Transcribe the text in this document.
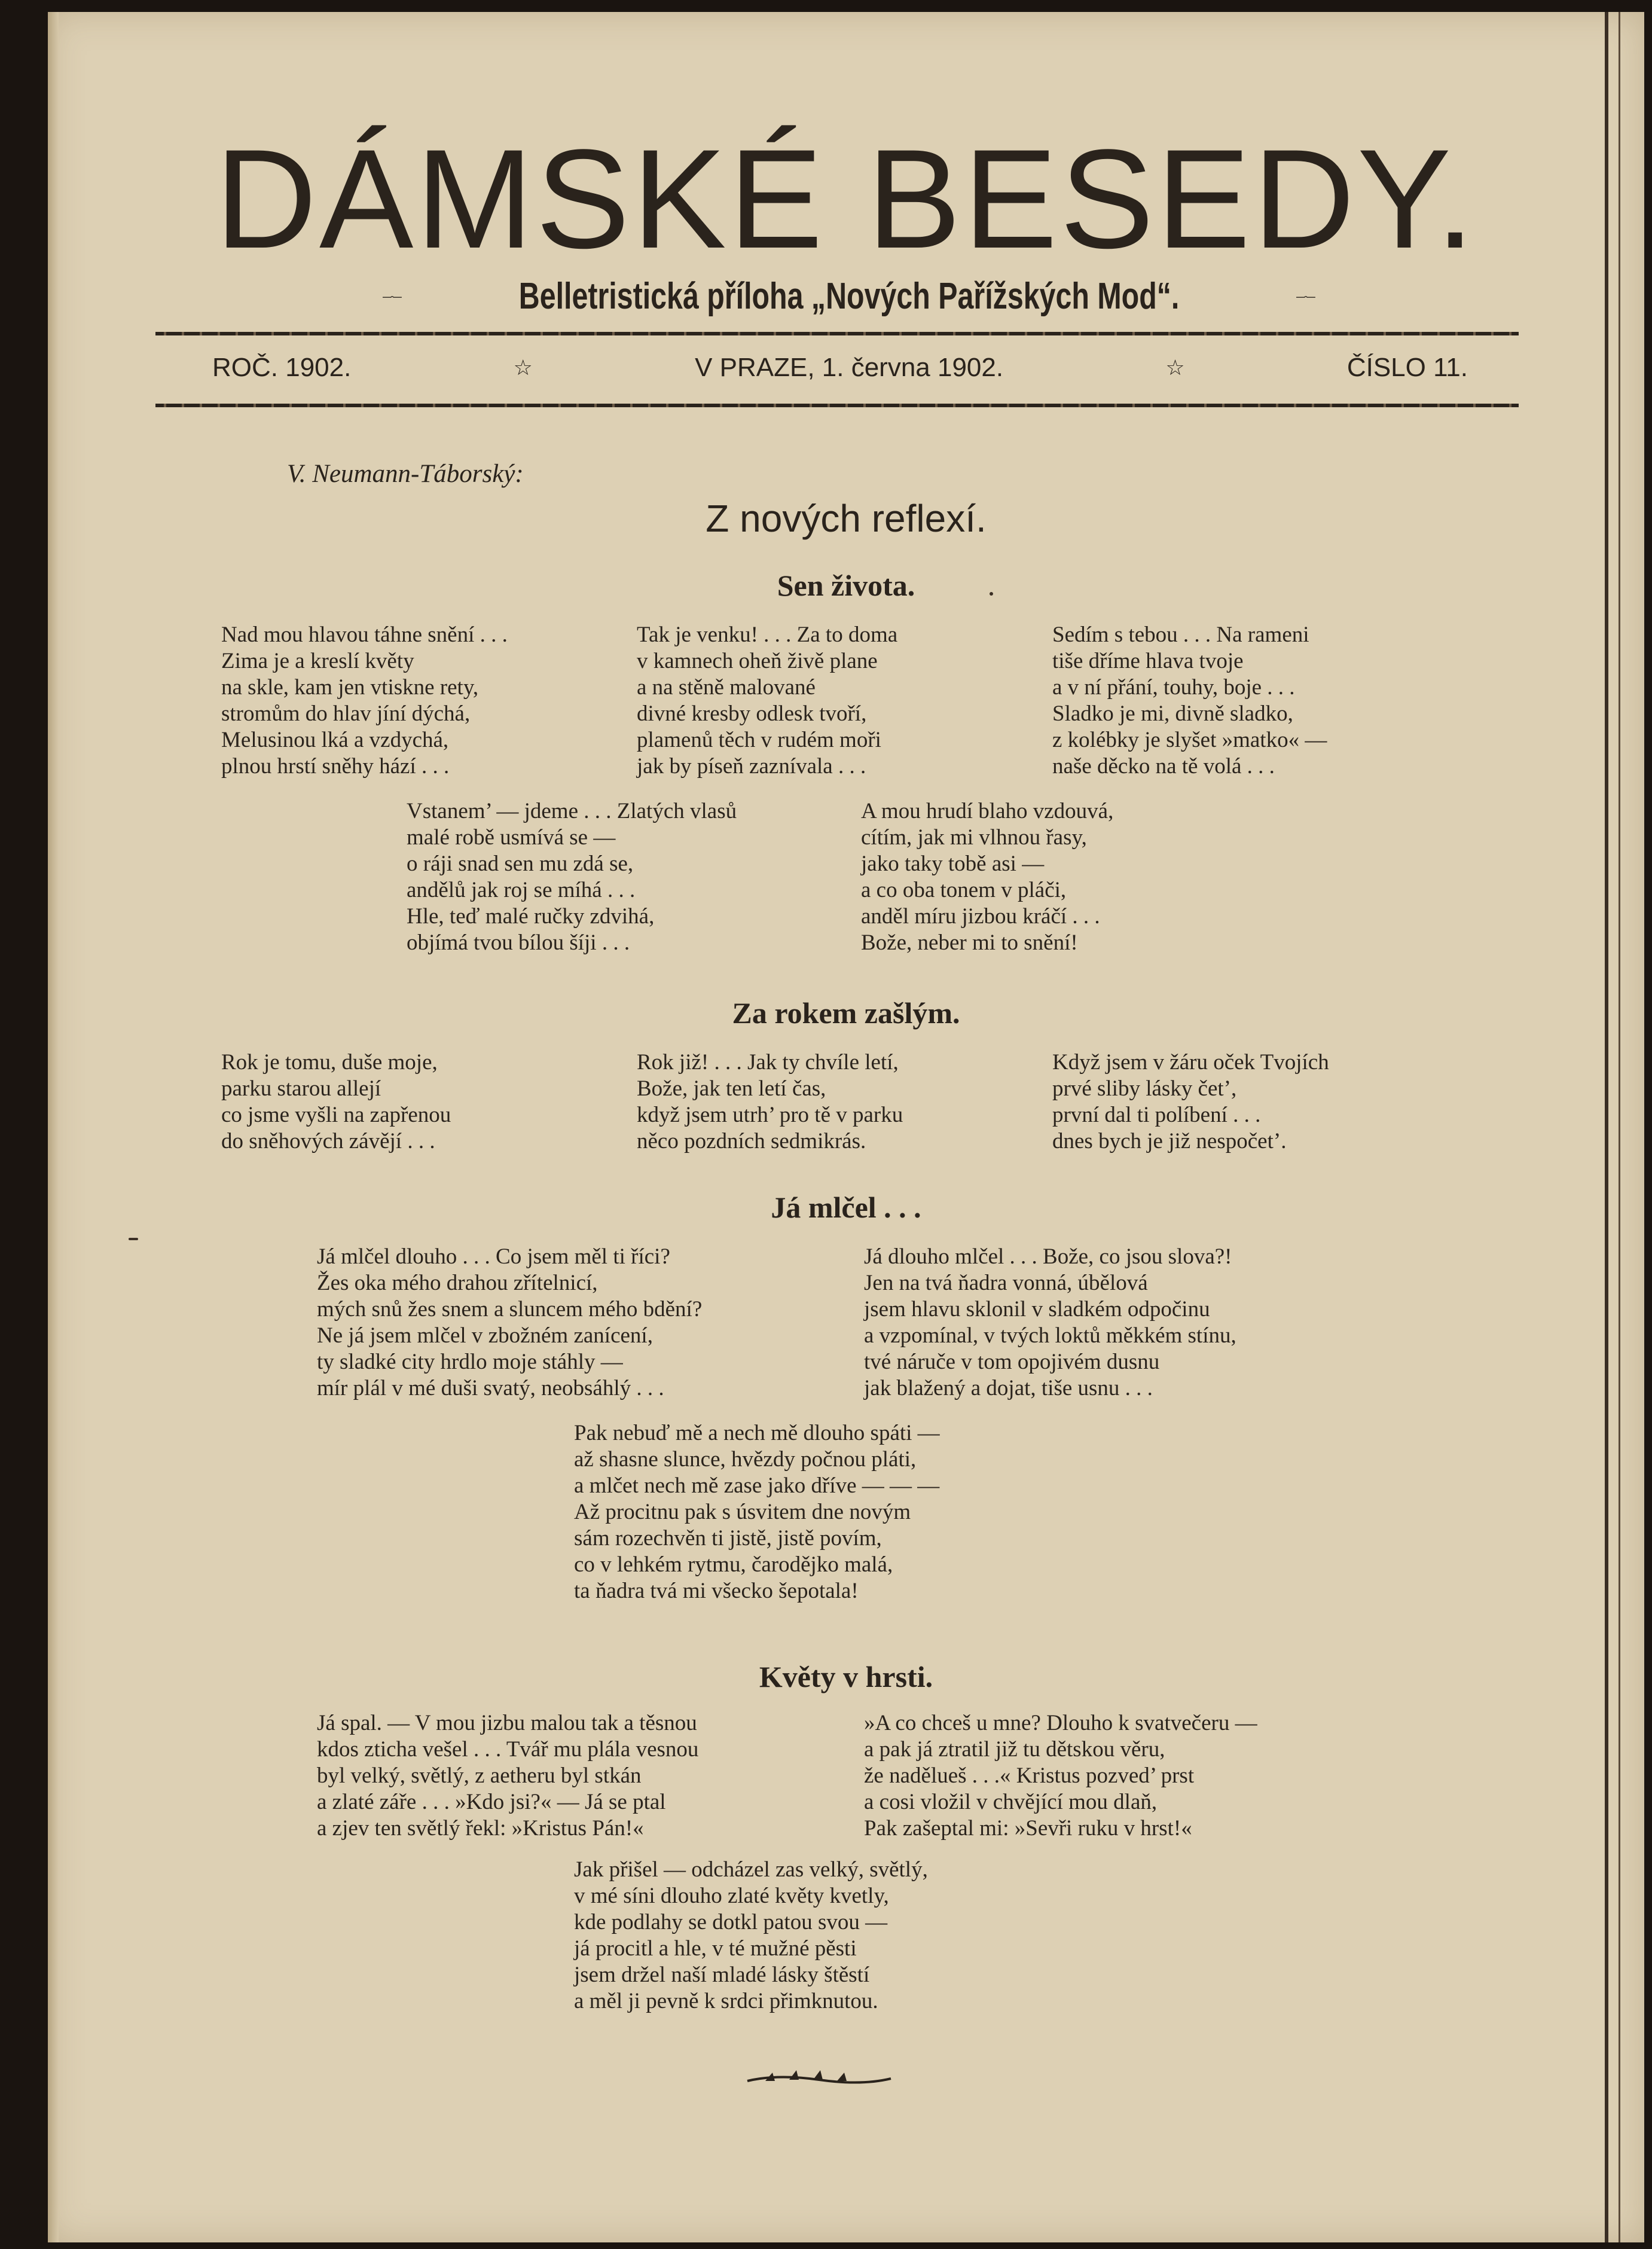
DÁMSKÉ BESEDY.
Belletristická příloha „Nových Pařížských Mod“.
ROČ. 1902.	☆	V PRAZE, 1. června 1902.	☆	ČÍSLO 11.
V. Neumann-Táborský:
Z nových reflexí.
Sen života.
Nad mou hlavou táhne snění . . .
Zima je a kreslí květy
na skle, kam jen vtiskne rety,
stromům do hlav jíní dýchá,
Melusinou lká a vzdychá,
plnou hrstí sněhy hází . . .
Tak je venku! . . . Za to doma
v kamnech oheň živě plane
a na stěně malované
divné kresby odlesk tvoří,
plamenů těch v rudém moři
jak by píseň zaznívala . . .
Sedím s tebou . . . Na rameni
tiše dříme hlava tvoje
a v ní přání, touhy, boje . . .
Sladko je mi, divně sladko,
z kolébky je slyšet »matko« —
naše děcko na tě volá . . .
Vstanem’ — jdeme . . . Zlatých vlasů
malé robě usmívá se —
o ráji snad sen mu zdá se,
andělů jak roj se míhá . . .
Hle, teď malé ručky zdvihá,
objímá tvou bílou šíji . . .
A mou hrudí blaho vzdouvá,
cítím, jak mi vlhnou řasy,
jako taky tobě asi —
a co oba tonem v pláči,
anděl míru jizbou kráčí . . .
Bože, neber mi to snění!
Za rokem zašlým.
Rok je tomu, duše moje,
parku starou allejí
co jsme vyšli na zapřenou
do sněhových závějí . . .
Rok již! . . . Jak ty chvíle letí,
Bože, jak ten letí čas,
když jsem utrh’ pro tě v parku
něco pozdních sedmikrás.
Když jsem v žáru oček Tvojích
prvé sliby lásky čet’,
první dal ti políbení . . .
dnes bych je již nespočet’.
Já mlčel . . .
Já mlčel dlouho . . . Co jsem měl ti říci?
Žes oka mého drahou zřítelnicí,
mých snů žes snem a sluncem mého bdění?
Ne já jsem mlčel v zbožném zanícení,
ty sladké city hrdlo moje stáhly —
mír plál v mé duši svatý, neobsáhlý . . .
Já dlouho mlčel . . . Bože, co jsou slova?!
Jen na tvá ňadra vonná, úbělová
jsem hlavu sklonil v sladkém odpočinu
a vzpomínal, v tvých loktů měkkém stínu,
tvé náruče v tom opojivém dusnu
jak blažený a dojat, tiše usnu . . .
Pak nebuď mě a nech mě dlouho spáti —
až shasne slunce, hvězdy počnou pláti,
a mlčet nech mě zase jako dříve — — —
Až procitnu pak s úsvitem dne novým
sám rozechvěn ti jistě, jistě povím,
co v lehkém rytmu, čarodějko malá,
ta ňadra tvá mi všecko šepotala!
Květy v hrsti.
Já spal. — V mou jizbu malou tak a těsnou
kdos zticha vešel . . . Tvář mu plála vesnou
byl velký, světlý, z aetheru byl stkán
a zlaté záře . . . »Kdo jsi?« — Já se ptal
a zjev ten světlý řekl: »Kristus Pán!«
»A co chceš u mne? Dlouho k svatvečeru —
a pak já ztratil již tu dětskou věru,
že nadělueš . . .« Kristus pozved’ prst
a cosi vložil v chvějící mou dlaň,
Pak zašeptal mi: »Sevři ruku v hrst!«
Jak přišel — odcházel zas velký, světlý,
v mé síni dlouho zlaté květy kvetly,
kde podlahy se dotkl patou svou —
já procitl a hle, v té mužné pěsti
jsem držel naší mladé lásky štěstí
a měl ji pevně k srdci přimknutou.
